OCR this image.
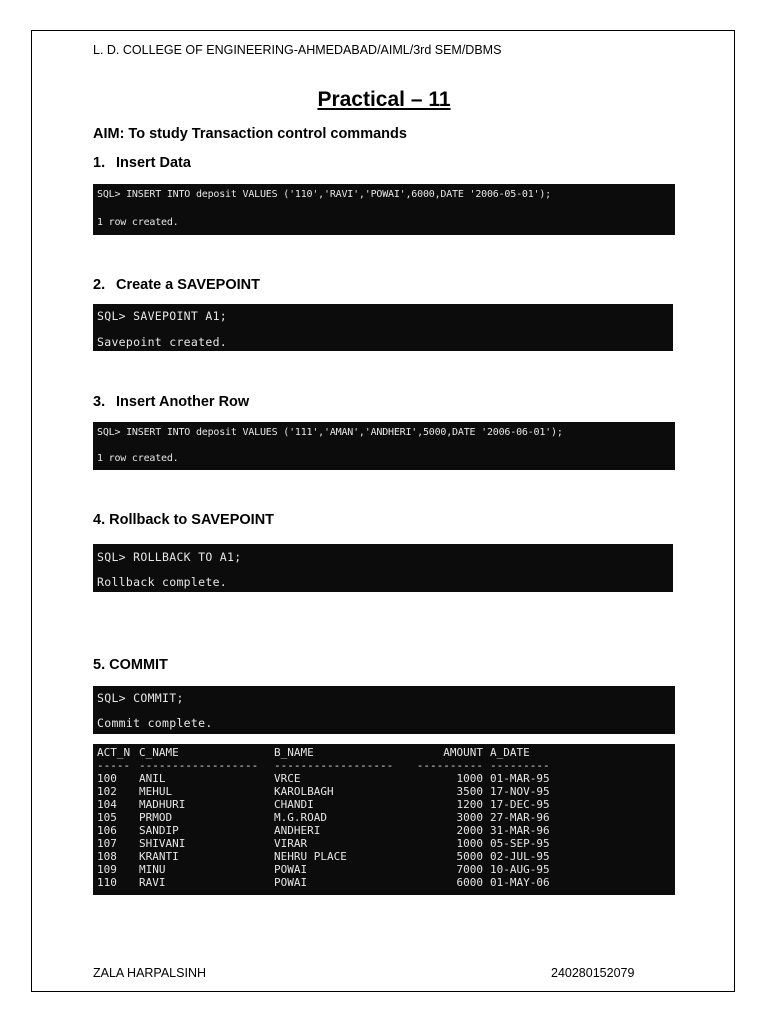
L. D. COLLEGE OF ENGINEERING-AHMEDABAD/AIML/3rd SEM/DBMS
Practical – 11
AIM: To study Transaction control commands
1. Insert Data
SQL> INSERT INTO deposit VALUES ('110','RAVI','POWAI',6000,DATE '2006-05-01');
1 row created.
2. Create a SAVEPOINT
SQL> SAVEPOINT A1;
Savepoint created.
3. Insert Another Row
SQL> INSERT INTO deposit VALUES ('111','AMAN','ANDHERI',5000,DATE '2006-06-01');
1 row created.
4. Rollback to SAVEPOINT
SQL> ROLLBACK TO A1;
Rollback complete.
5. COMMIT
SQL> COMMIT;
Commit complete.
ACT_N	C_NAME	B_NAME	AMOUNT	A_DATE
-----	------------------	------------------	----------	---------
100	ANIL	VRCE	1000	01-MAR-95
102	MEHUL	KAROLBAGH	3500	17-NOV-95
104	MADHURI	CHANDI	1200	17-DEC-95
105	PRMOD	M.G.ROAD	3000	27-MAR-96
106	SANDIP	ANDHERI	2000	31-MAR-96
107	SHIVANI	VIRAR	1000	05-SEP-95
108	KRANTI	NEHRU PLACE	5000	02-JUL-95
109	MINU	POWAI	7000	10-AUG-95
110	RAVI	POWAI	6000	01-MAY-06
ZALA HARPALSINH	240280152079
